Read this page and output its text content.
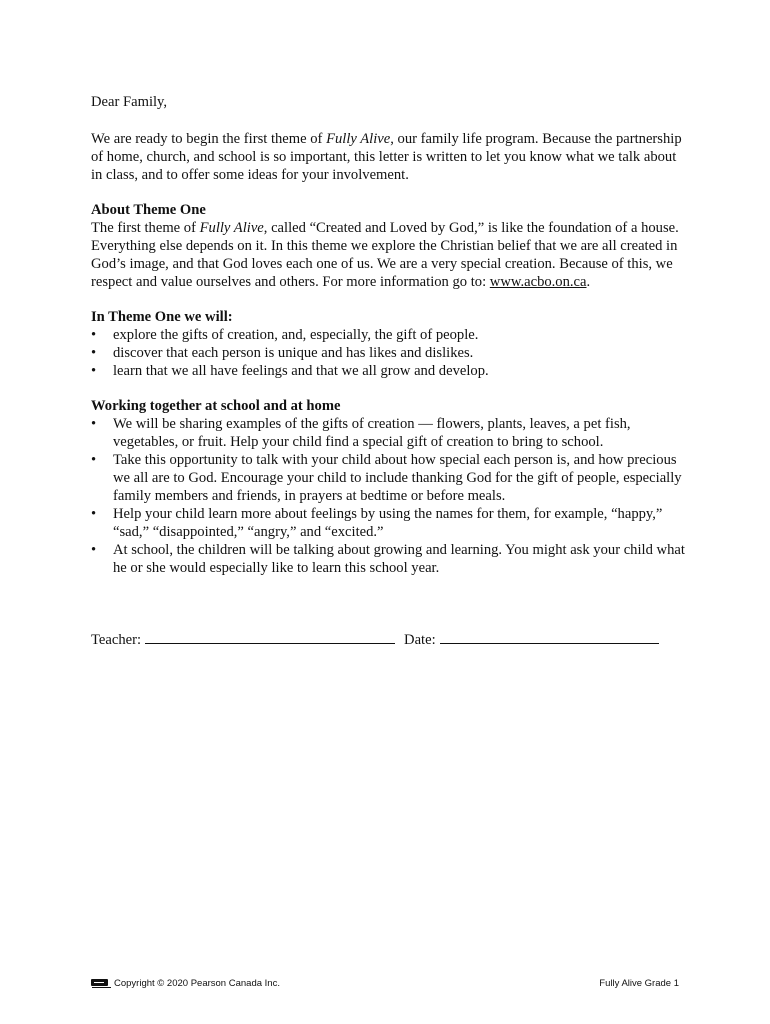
Dear Family,

We are ready to begin the first theme of Fully Alive, our family life program. Because the partnership of home, church, and school is so important, this letter is written to let you know what we talk about in class, and to offer some ideas for your involvement.

About Theme One

The first theme of Fully Alive, called “Created and Loved by God,” is like the foundation of a house. Everything else depends on it. In this theme we explore the Christian belief that we are all created in God’s image, and that God loves each one of us. We are a very special creation. Because of this, we respect and value ourselves and others. For more information go to: www.acbo.on.ca.

In Theme One we will:

• explore the gifts of creation, and, especially, the gift of people.
• discover that each person is unique and has likes and dislikes.
• learn that we all have feelings and that we all grow and develop.

Working together at school and at home

• We will be sharing examples of the gifts of creation — flowers, plants, leaves, a pet fish, vegetables, or fruit. Help your child find a special gift of creation to bring to school.
• Take this opportunity to talk with your child about how special each person is, and how precious we all are to God. Encourage your child to include thanking God for the gift of people, especially family members and friends, in prayers at bedtime or before meals.
• Help your child learn more about feelings by using the names for them, for example, “happy,” “sad,” “disappointed,” “angry,” and “excited.”
• At school, the children will be talking about growing and learning. You might ask your child what he or she would especially like to learn this school year.
Teacher:	Date:
Copyright © 2020 Pearson Canada Inc.	Fully Alive Grade 1
